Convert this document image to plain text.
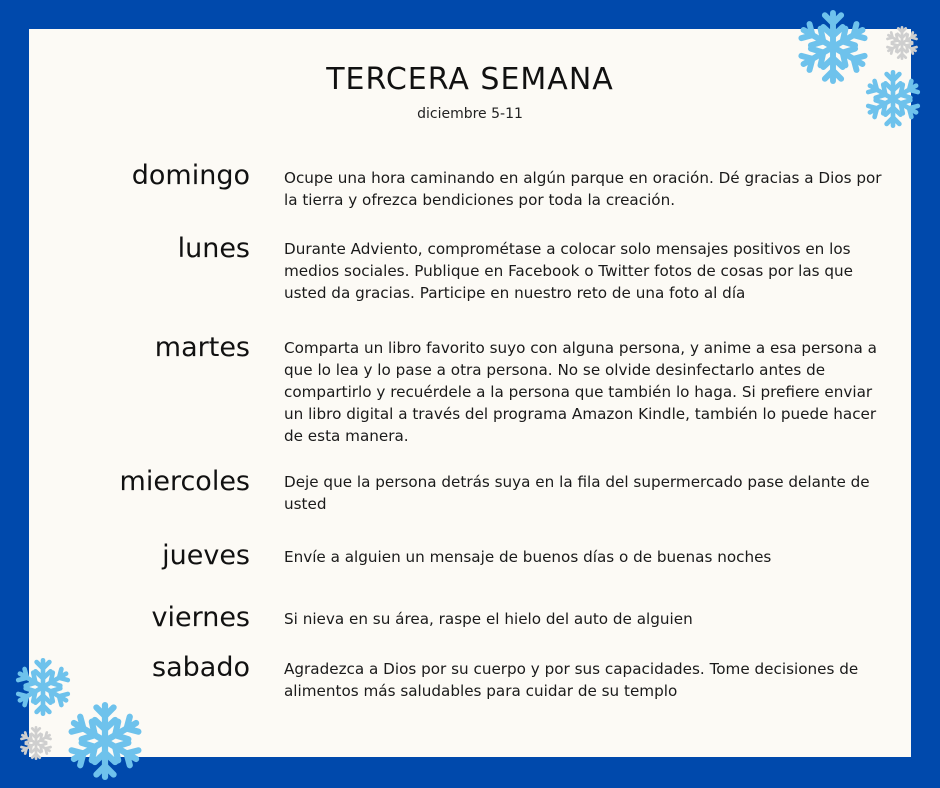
TERCERA SEMANA
diciembre 5-11
domingo Ocupe una hora caminando en algún parque en oración. Dé gracias a Dios por la tierra y ofrezca bendiciones por toda la creación.
lunes Durante Adviento, comprométase a colocar solo mensajes positivos en los medios sociales. Publique en Facebook o Twitter fotos de cosas por las que usted da gracias. Participe en nuestro reto de una foto al día
martes Comparta un libro favorito suyo con alguna persona, y anime a esa persona a que lo lea y lo pase a otra persona. No se olvide desinfectarlo antes de compartirlo y recuérdele a la persona que también lo haga. Si prefiere enviar un libro digital a través del programa Amazon Kindle, también lo puede hacer de esta manera.
miercoles Deje que la persona detrás suya en la fila del supermercado pase delante de usted
jueves Envíe a alguien un mensaje de buenos días o de buenas noches
viernes Si nieva en su área, raspe el hielo del auto de alguien
sabado Agradezca a Dios por su cuerpo y por sus capacidades. Tome decisiones de alimentos más saludables para cuidar de su templo
